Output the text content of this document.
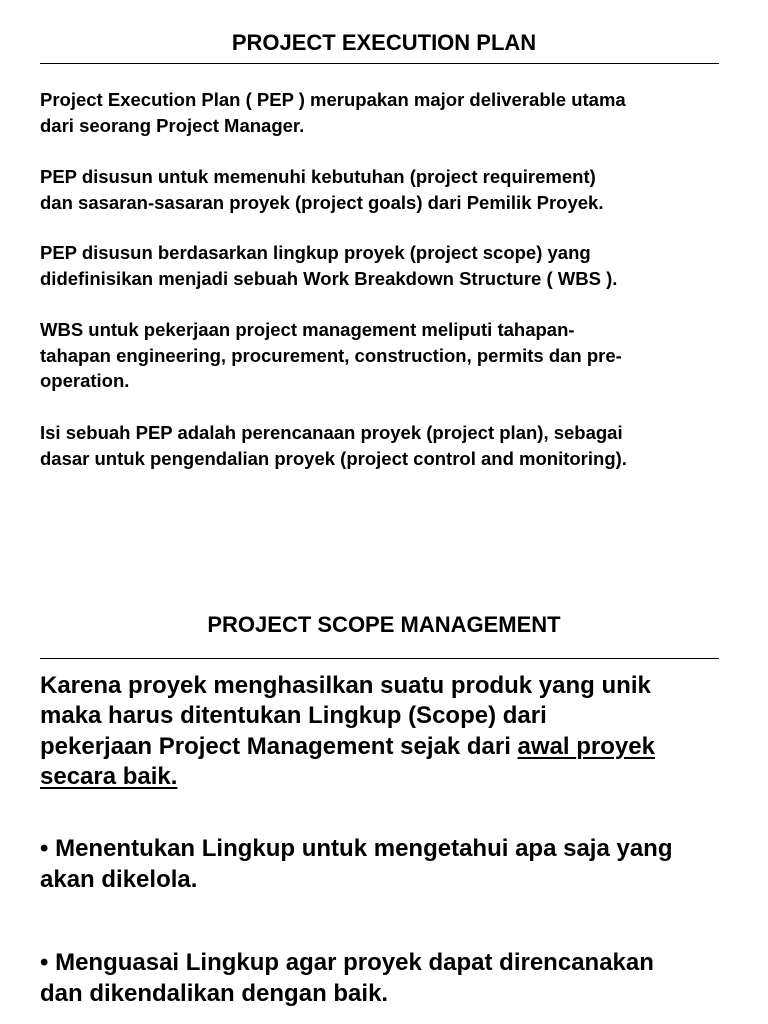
PROJECT EXECUTION PLAN
Project Execution Plan ( PEP ) merupakan major deliverable utama
dari seorang Project Manager.
PEP disusun untuk memenuhi kebutuhan (project requirement)
dan sasaran-sasaran proyek (project goals) dari Pemilik Proyek.
PEP disusun berdasarkan lingkup proyek (project scope) yang
didefinisikan menjadi sebuah Work Breakdown Structure ( WBS ).
WBS untuk pekerjaan project management meliputi tahapan-
tahapan engineering, procurement, construction, permits dan pre-
operation.
Isi sebuah PEP adalah perencanaan proyek (project plan), sebagai
dasar untuk pengendalian proyek (project control and monitoring).
PROJECT SCOPE MANAGEMENT
Karena proyek menghasilkan suatu produk yang unik
maka harus ditentukan Lingkup (Scope) dari
pekerjaan Project Management sejak dari awal proyek
secara baik.
• Menentukan Lingkup untuk mengetahui apa saja yang
akan dikelola.
• Menguasai Lingkup agar proyek dapat direncanakan
dan dikendalikan dengan baik.
